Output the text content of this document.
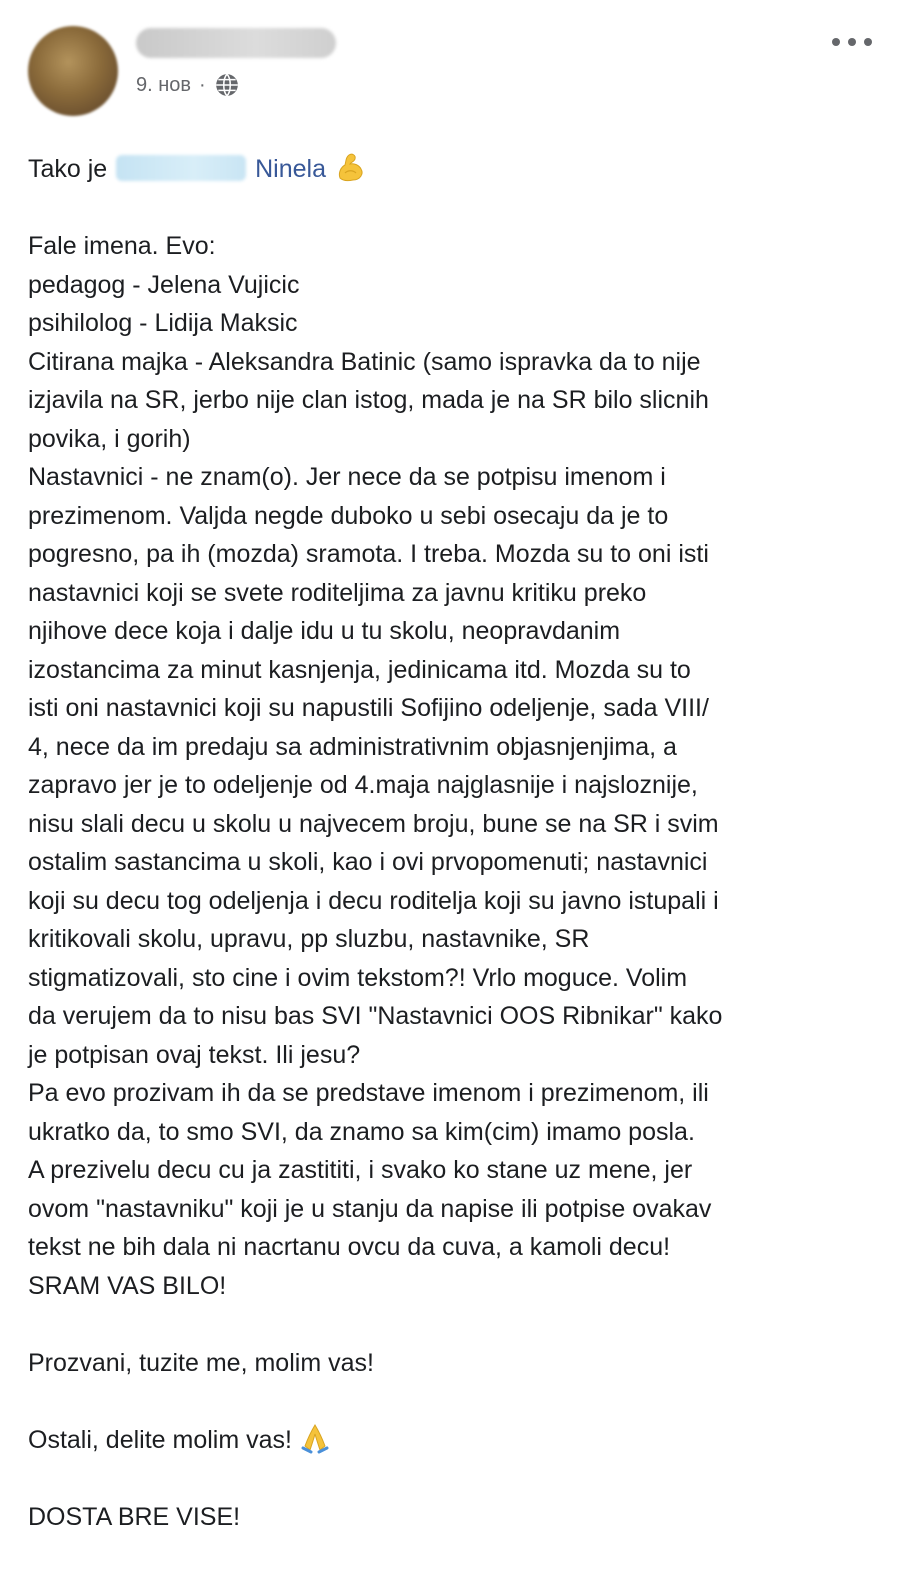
9. нов ·
Tako je	Ninela
Fale imena. Evo:
pedagog - Jelena Vujicic
psihilolog - Lidija Maksic
Citirana majka - Aleksandra Batinic (samo ispravka da to nije
izjavila na SR, jerbo nije clan istog, mada je na SR bilo slicnih
povika, i gorih)
Nastavnici - ne znam(o). Jer nece da se potpisu imenom i
prezimenom. Valjda negde duboko u sebi osecaju da je to
pogresno, pa ih (mozda) sramota. I treba. Mozda su to oni isti
nastavnici koji se svete roditeljima za javnu kritiku preko
njihove dece koja i dalje idu u tu skolu, neopravdanim
izostancima za minut kasnjenja, jedinicama itd. Mozda su to
isti oni nastavnici koji su napustili Sofijino odeljenje, sada VIII/
4, nece da im predaju sa administrativnim objasnjenjima, a
zapravo jer je to odeljenje od 4.maja najglasnije i najsloznije,
nisu slali decu u skolu u najvecem broju, bune se na SR i svim
ostalim sastancima u skoli, kao i ovi prvopomenuti; nastavnici
koji su decu tog odeljenja i decu roditelja koji su javno istupali i
kritikovali skolu, upravu, pp sluzbu, nastavnike, SR
stigmatizovali, sto cine i ovim tekstom?! Vrlo moguce. Volim
da verujem da to nisu bas SVI "Nastavnici OOS Ribnikar" kako
je potpisan ovaj tekst. Ili jesu?
Pa evo prozivam ih da se predstave imenom i prezimenom, ili
ukratko da, to smo SVI, da znamo sa kim(cim) imamo posla.
A prezivelu decu cu ja zastititi, i svako ko stane uz mene, jer
ovom "nastavniku" koji je u stanju da napise ili potpise ovakav
tekst ne bih dala ni nacrtanu ovcu da cuva, a kamoli decu!
SRAM VAS BILO!
Prozvani, tuzite me, molim vas!
Ostali, delite molim vas!
DOSTA BRE VISE!
